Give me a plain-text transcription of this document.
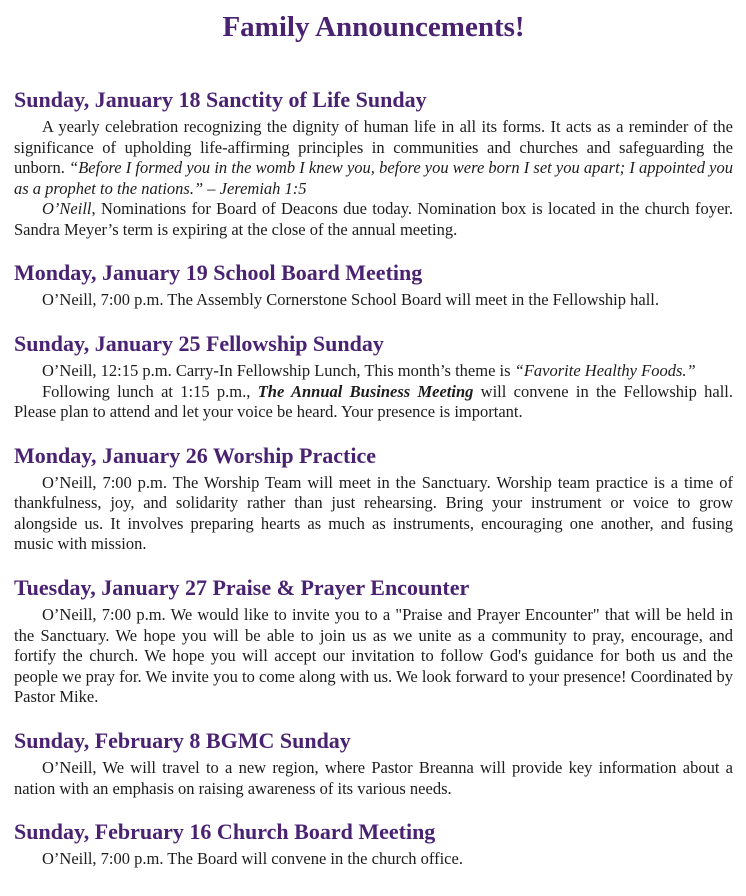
Family Announcements!
Sunday, January 18 Sanctity of Life Sunday

A yearly celebration recognizing the dignity of human life in all its forms. It acts as a reminder of the significance of upholding life-affirming principles in communities and churches and safeguarding the unborn. “Before I formed you in the womb I knew you, before you were born I set you apart; I appointed you as a prophet to the nations.” – Jeremiah 1:5

O’Neill, Nominations for Board of Deacons due today. Nomination box is located in the church foyer. Sandra Meyer’s term is expiring at the close of the annual meeting.

Monday, January 19 School Board Meeting

O’Neill, 7:00 p.m. The Assembly Cornerstone School Board will meet in the Fellowship hall.

Sunday, January 25 Fellowship Sunday

O’Neill, 12:15 p.m. Carry-In Fellowship Lunch, This month’s theme is “Favorite Healthy Foods.”

Following lunch at 1:15 p.m., The Annual Business Meeting will convene in the Fellowship hall. Please plan to attend and let your voice be heard. Your presence is important.

Monday, January 26 Worship Practice

O’Neill, 7:00 p.m. The Worship Team will meet in the Sanctuary. Worship team practice is a time of thankfulness, joy, and solidarity rather than just rehearsing. Bring your instrument or voice to grow alongside us. It involves preparing hearts as much as instruments, encouraging one another, and fusing music with mission.

Tuesday, January 27 Praise & Prayer Encounter

O’Neill, 7:00 p.m. We would like to invite you to a "Praise and Prayer Encounter" that will be held in the Sanctuary. We hope you will be able to join us as we unite as a community to pray, encourage, and fortify the church. We hope you will accept our invitation to follow God's guidance for both us and the people we pray for. We invite you to come along with us. We look forward to your presence! Coordinated by Pastor Mike.

Sunday, February 8 BGMC Sunday

O’Neill, We will travel to a new region, where Pastor Breanna will provide key information about a nation with an emphasis on raising awareness of its various needs.

Sunday, February 16 Church Board Meeting

O’Neill, 7:00 p.m. The Board will convene in the church office.
